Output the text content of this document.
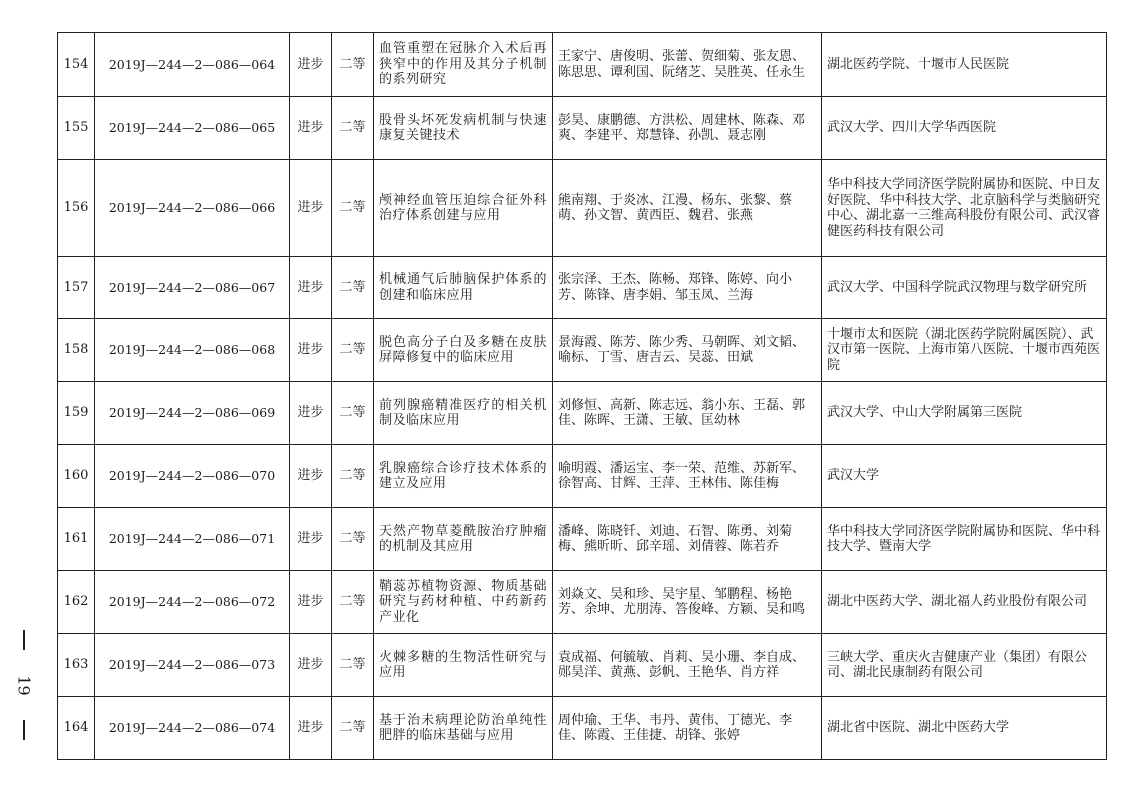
154	2019J—244—2—086—064	进步	二等	血管重塑在冠脉介入术后再狭窄中的作用及其分子机制的系列研究	王家宁、唐俊明、张蕾、贺细菊、张友恩、陈思思、谭利国、阮绪芝、吴胜英、任永生	湖北医药学院、十堰市人民医院
155	2019J—244—2—086—065	进步	二等	股骨头坏死发病机制与快速康复关键技术	彭昊、康鹏德、方洪松、周建林、陈森、邓爽、李建平、郑慧锋、孙凯、聂志刚	武汉大学、四川大学华西医院
156	2019J—244—2—086—066	进步	二等	颅神经血管压迫综合征外科治疗体系创建与应用	熊南翔、于炎冰、江漫、杨东、张黎、蔡萌、孙文智、黄西臣、魏君、张燕	华中科技大学同济医学院附属协和医院、中日友好医院、华中科技大学、北京脑科学与类脑研究中心、湖北嘉一三维高科股份有限公司、武汉睿健医药科技有限公司
157	2019J—244—2—086—067	进步	二等	机械通气后肺脑保护体系的创建和临床应用	张宗泽、王杰、陈畅、郑锋、陈婷、向小芳、陈锋、唐李娟、邹玉凤、兰海	武汉大学、中国科学院武汉物理与数学研究所
158	2019J—244—2—086—068	进步	二等	脱色高分子白及多糖在皮肤屏障修复中的临床应用	景海霞、陈芳、陈少秀、马朝晖、刘文韬、喻标、丁雪、唐吉云、吴蕊、田斌	十堰市太和医院（湖北医药学院附属医院）、武汉市第一医院、上海市第八医院、十堰市西苑医院
159	2019J—244—2—086—069	进步	二等	前列腺癌精准医疗的相关机制及临床应用	刘修恒、高新、陈志远、翁小东、王磊、郭佳、陈晖、王潇、王敏、匡幼林	武汉大学、中山大学附属第三医院
160	2019J—244—2—086—070	进步	二等	乳腺癌综合诊疗技术体系的建立及应用	喻明霞、潘运宝、李一荣、范维、苏新军、徐智高、甘辉、王萍、王林伟、陈佳梅	武汉大学
161	2019J—244—2—086—071	进步	二等	天然产物草菱酰胺治疗肿瘤的机制及其应用	潘峰、陈晓钎、刘迪、石智、陈勇、刘菊梅、熊昕昕、邱辛瑶、刘倩蓉、陈若乔	华中科技大学同济医学院附属协和医院、华中科技大学、暨南大学
162	2019J—244—2—086—072	进步	二等	鞘蕊苏植物资源、物质基础研究与药材种植、中药新药产业化	刘焱文、吴和珍、吴宇星、邹鹏程、杨艳芳、余坤、尤朋涛、答俊峰、方颖、吴和鸣	湖北中医药大学、湖北福人药业股份有限公司
163	2019J—244—2—086—073	进步	二等	火棘多糖的生物活性研究与应用	袁成福、何毓敏、肖莉、吴小珊、李自成、郧昊洋、黄燕、彭帆、王艳华、肖方祥	三峡大学、重庆火吉健康产业（集团）有限公司、湖北民康制药有限公司
164	2019J—244—2—086—074	进步	二等	基于治未病理论防治单纯性肥胖的临床基础与应用	周仲瑜、王华、韦丹、黄伟、丁德光、李佳、陈霞、王佳捷、胡锋、张婷	湖北省中医院、湖北中医药大学
19
